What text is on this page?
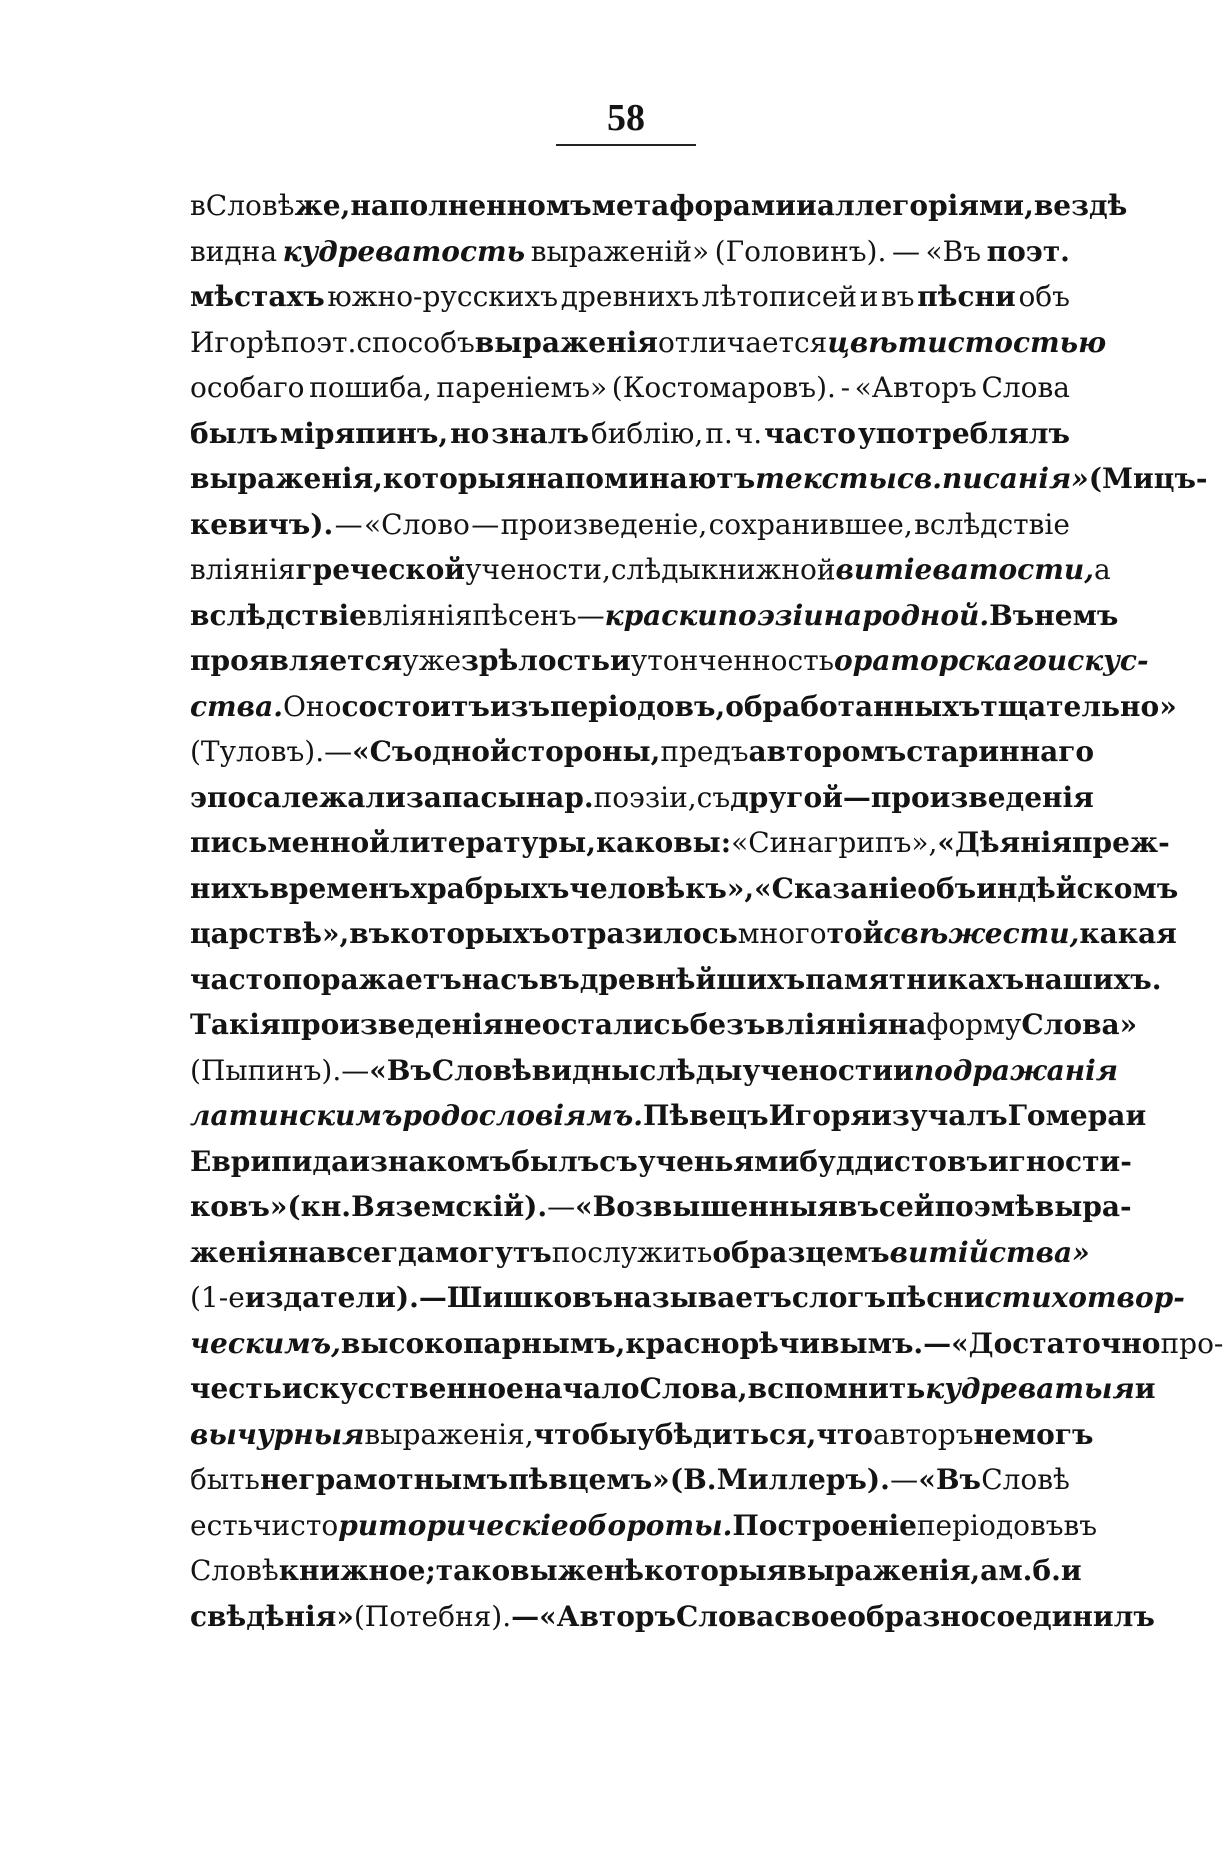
58
в Словѣ же, наполненномъ метафорами и аллегоріями, вездѣ
видна кудреватость выраженій» (Головинъ). — «Въ поэт.
мѣстахъ южно-русскихъ древнихъ лѣтописей и въ пѣсни объ
Игорѣ поэт. способъ выраженія отличается цвѣтистостью
особаго пошиба, пареніемъ» (Костомаровъ). - «Авторъ Слова
былъ міряпинъ, но зналъ библію, п. ч. часто употреблялъ
выраженія, которыя напоминаютъ тексты св. писанія» (Мицъ-
кевичъ). — «Слово — произведеніе, сохранившее, вслѣдствіе
вліянія греческой учености, слѣды книжной витіеватости, а
вслѣдствіе вліянія пѣсенъ — краски поэзіи народной. Въ немъ
проявляется уже зрѣлость и утонченность ораторскаго искус-
ства. Оно состоитъ изъ періодовъ, обработанныхъ тщательно»
(Туловъ). — «Съ одной стороны, предъ авторомъ стариннаго
эпоса лежали запасы нар. поэзіи, съ другой—произведенія
письменной литературы, каковы: «Синагрипъ», «Дѣянія преж-
нихъ временъ храбрыхъ человѣкъ», «Сказаніе объ индѣйскомъ
царствѣ», въ которыхъ отразилось много той свѣжести, какая
часто поражаетъ насъ въ древнѣйшихъ памятникахъ нашихъ.
Такія произведенія не остались безъ вліянія на форму Слова»
(Пыпинъ). — «Въ Словѣ видны слѣды учености и подражанія
латинскимъ родословіямъ. Пѣвецъ Игоря изучалъ Гомера и
Еврипида и знакомъ былъ съ ученьями буддистовъ и гности-
ковъ» (кн. Вяземскій). — «Возвышенныя въ сей поэмѣ выра-
женія навсегда могутъ послужить образцемъ витійства»
(1-е издатели).—Шишковъ называетъ слогъ пѣсни стихотвор-
ческимъ, высокопарнымъ, краснорѣчивымъ. —«Достаточно про-
честь искусственное начало Слова, вспомнить кудреватыя и
вычурныя выраженія, чтобы убѣдиться, что авторъ не могъ
быть неграмотнымъ пѣвцемъ» (В. Миллеръ). — «Въ Словѣ
есть чисто риторическіе обороты. Построеніе періодовъ въ
Словѣ книжное; таковы же нѣкоторыя выраженія, а м. б. и
свѣдѣнія» (Потебня). —«Авторъ Слова своеобразно соединилъ
